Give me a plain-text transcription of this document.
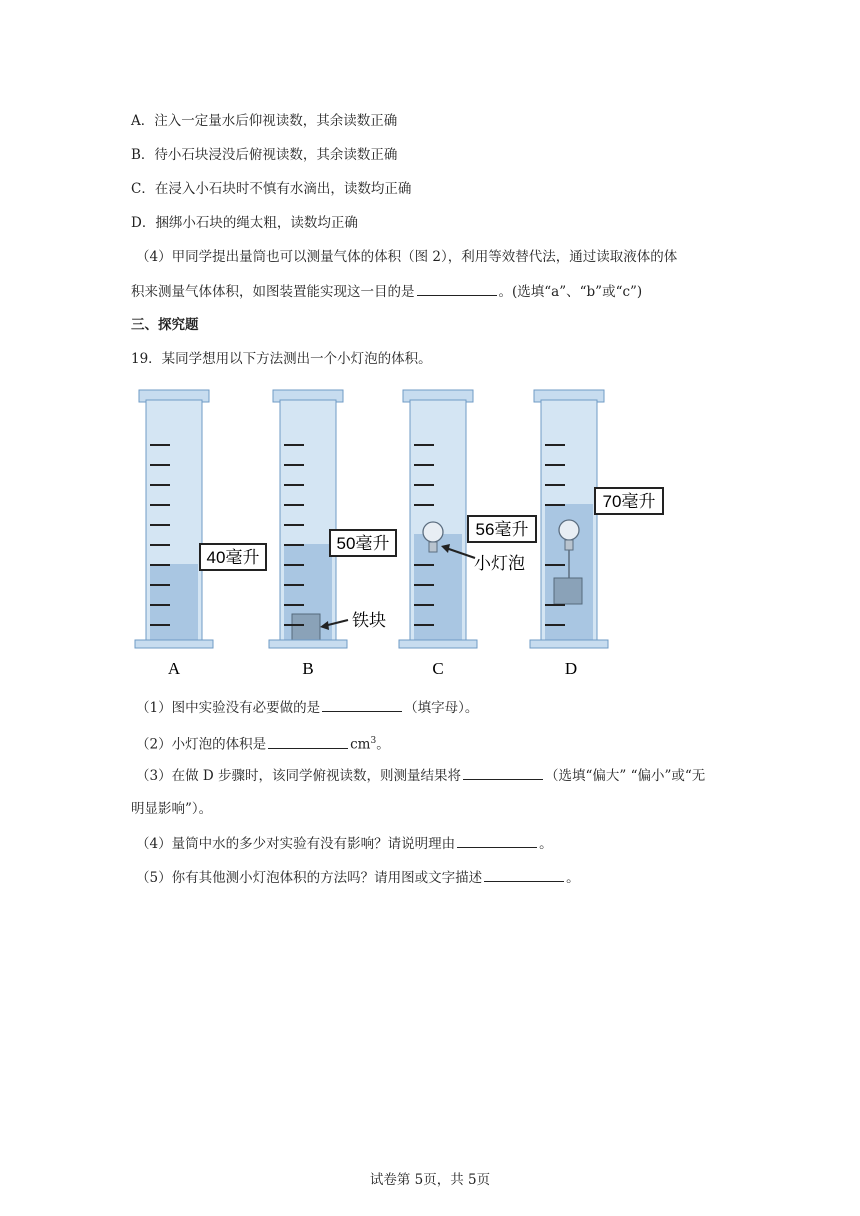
A．注入一定量水后仰视读数，其余读数正确
B．待小石块浸没后俯视读数，其余读数正确
C．在浸入小石块时不慎有水滴出，读数均正确
D．捆绑小石块的绳太粗，读数均正确
（4）甲同学提出量筒也可以测量气体的体积（图 2），利用等效替代法，通过读取液体的体
积来测量气体体积，如图装置能实现这一目的是	。(选填“a”、“b”或“c”)
三、探究题
19．某同学想用以下方法测出一个小灯泡的体积。
40毫升
A
50毫升
铁块
B
56毫升
小灯泡
C
70毫升
D
（1）图中实验没有必要做的是	（填字母）。
（2）小灯泡的体积是	$cm^3$。
（3）在做 D 步骤时，该同学俯视读数，则测量结果将	（选填“偏大” “偏小”或“无
明显影响”）。
（4）量筒中水的多少对实验有没有影响？请说明理由	。
（5）你有其他测小灯泡体积的方法吗？请用图或文字描述	。
试卷第 5页，共 5页
